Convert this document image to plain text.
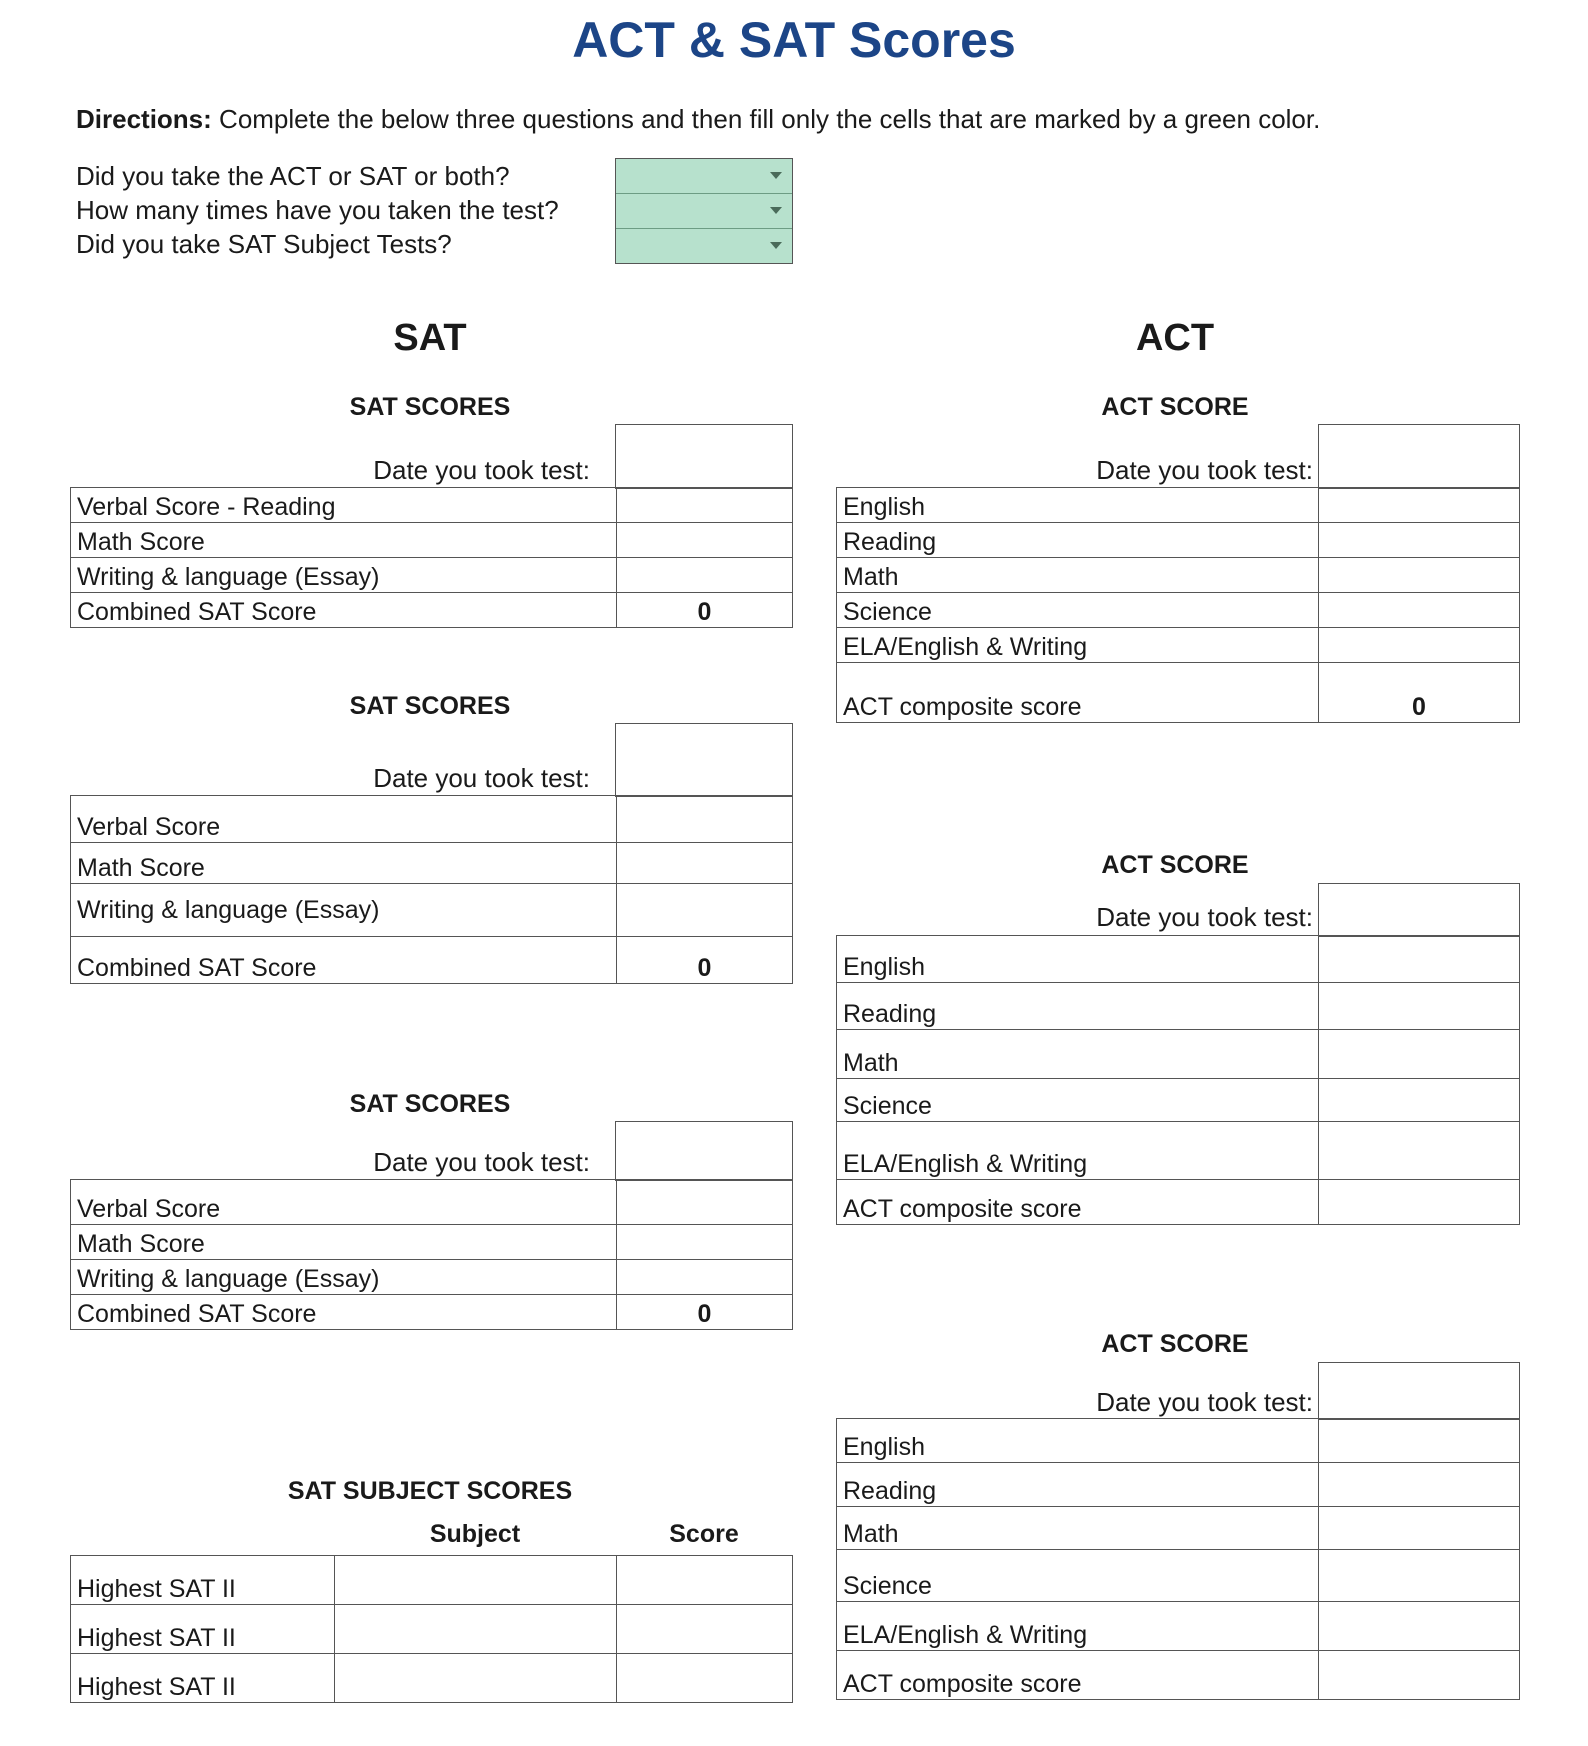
ACT & SAT Scores
Directions: Complete the below three questions and then fill only the cells that are marked by a green color.
Did you take the ACT or SAT or both?
How many times have you taken the test?
Did you take SAT Subject Tests?
SAT	ACT
SAT SCORES
Date you took test:
Verbal Score - Reading	
Math Score	
Writing & language (Essay)	
Combined SAT Score	0
SAT SCORES
Date you took test:
Verbal Score	
Math Score	
Writing & language (Essay)	
Combined SAT Score	0
SAT SCORES
Date you took test:
Verbal Score	
Math Score	
Writing & language (Essay)	
Combined SAT Score	0
SAT SUBJECT SCORES
Subject	Score
Highest SAT II		
Highest SAT II		
Highest SAT II		
ACT SCORE
Date you took test:
English	
Reading	
Math	
Science	
ELA/English & Writing	
ACT composite score	0
ACT SCORE
Date you took test:
English	
Reading	
Math	
Science	
ELA/English & Writing	
ACT composite score	
ACT SCORE
Date you took test:
English	
Reading	
Math	
Science	
ELA/English & Writing	
ACT composite score	
